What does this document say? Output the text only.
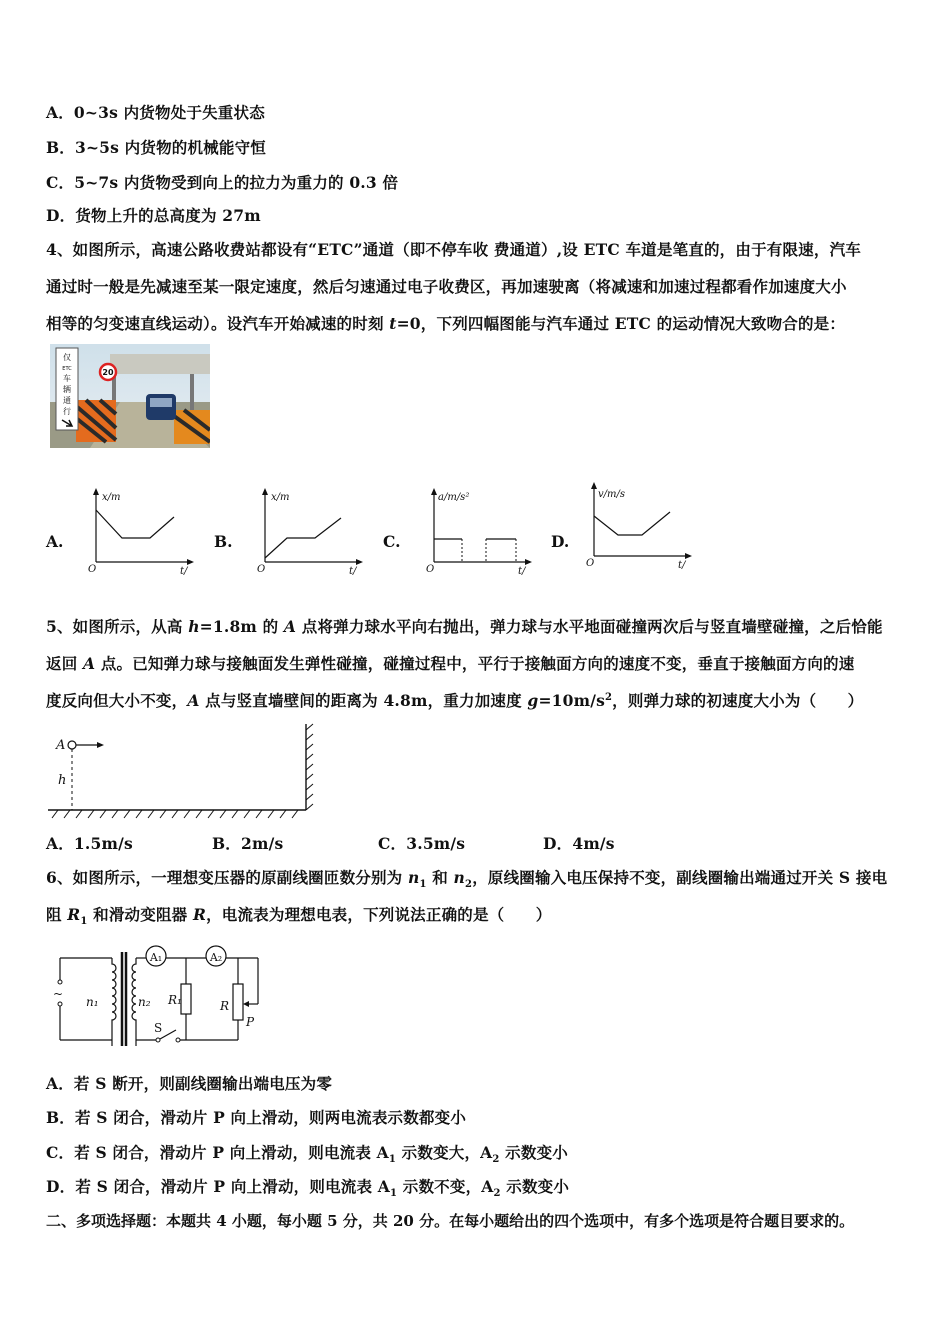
A．0~3s 内货物处于失重状态
B．3~5s 内货物的机械能守恒
C．5~7s 内货物受到向上的拉力为重力的 0.3 倍
D．货物上升的总高度为 27m
4、如图所示，高速公路收费站都设有“ETC”通道（即不停车收 费通道）,设 ETC 车道是笔直的，由于有限速，汽车
通过时一般是先减速至某一限定速度，然后匀速通过电子收费区，再加速驶离（将减速和加速过程都看作加速度大小
相等的匀变速直线运动）。设汽车开始减速的时刻 t=0，下列四幅图能与汽车通过 ETC 的运动情况大致吻合的是：
20
仅
ETC
车
辆
通
行
A.	B.	C.	D.
x/m
O	t/
x/m
O	t/
a/m/s²
O	t/
v/m/s
O	t/
5、如图所示，从高 h=1.8m 的 A 点将弹力球水平向右抛出，弹力球与水平地面碰撞两次后与竖直墙壁碰撞，之后恰能
返回 A 点。已知弹力球与接触面发生弹性碰撞，碰撞过程中，平行于接触面方向的速度不变，垂直于接触面方向的速
度反向但大小不变，A 点与竖直墙壁间的距离为 4.8m，重力加速度 $g=10m/s^2$，则弹力球的初速度大小为（　　）
A
h
A．1.5m/s	B．2m/s	C．3.5m/s	D．4m/s
6、如图所示，一理想变压器的原副线圈匝数分别为 $n_1$ 和 $n_2$，原线圈输入电压保持不变，副线圈输出端通过开关 S 接电
阻 $R_1$ 和滑动变阻器 R，电流表为理想电表，下列说法正确的是（　　）
~
n₁	n₂
A₁	A₂
R₁	R
P
S
A．若 S 断开，则副线圈输出端电压为零
B．若 S 闭合，滑动片 P 向上滑动，则两电流表示数都变小
C．若 S 闭合，滑动片 P 向上滑动，则电流表 $A_1$ 示数变大，$A_2$ 示数变小
D．若 S 闭合，滑动片 P 向上滑动，则电流表 $A_1$ 示数不变，$A_2$ 示数变小
二、多项选择题：本题共 4 小题，每小题 5 分，共 20 分。在每小题给出的四个选项中，有多个选项是符合题目要求的。
